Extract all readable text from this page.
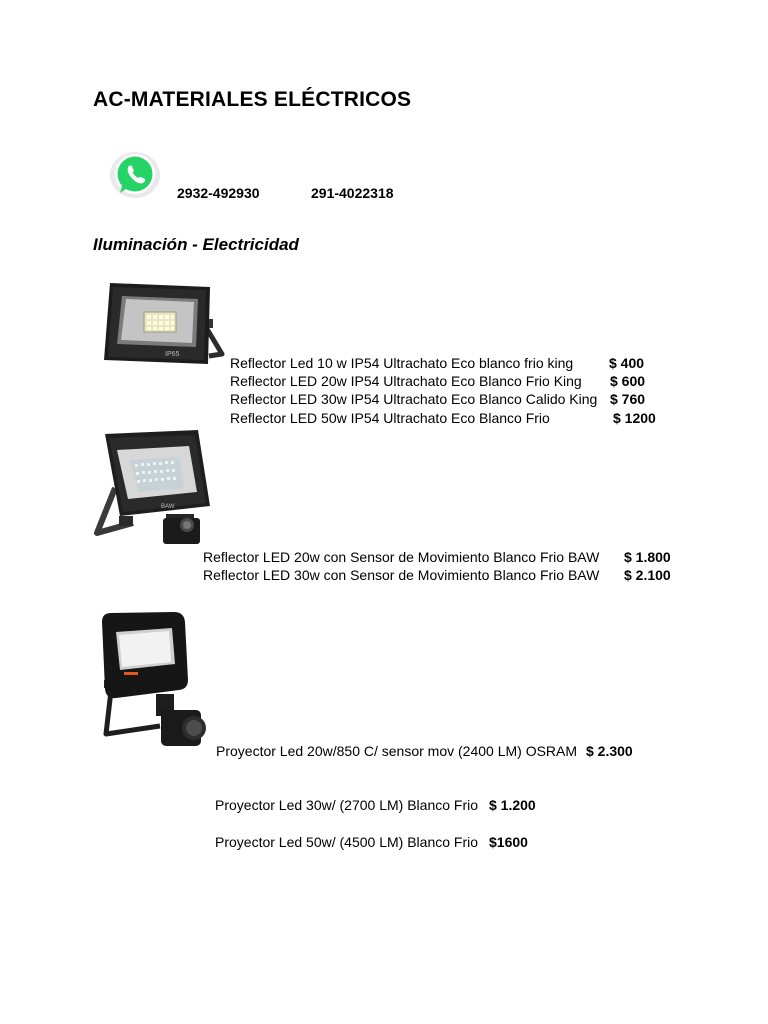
AC-MATERIALES ELÉCTRICOS
2932-492930	291-4022318
Iluminación - Electricidad
IP65
Reflector Led 10 w IP54 Ultrachato Eco blanco frio king	$ 400
Reflector LED 20w IP54 Ultrachato Eco Blanco Frio King $ 600
Reflector LED 30w IP54 Ultrachato Eco Blanco Calido King $ 760
Reflector LED 50w IP54 Ultrachato Eco Blanco Frio	$ 1200
BAW
Reflector LED 20w con Sensor de Movimiento Blanco Frio BAW $ 1.800
Reflector LED 30w con Sensor de Movimiento Blanco Frio BAW $ 2.100
Proyector Led 20w/850 C/ sensor mov (2400 LM) OSRAM $ 2.300
Proyector Led 30w/ (2700 LM) Blanco Frio $ 1.200
Proyector Led 50w/ (4500 LM) Blanco Frio $1600
